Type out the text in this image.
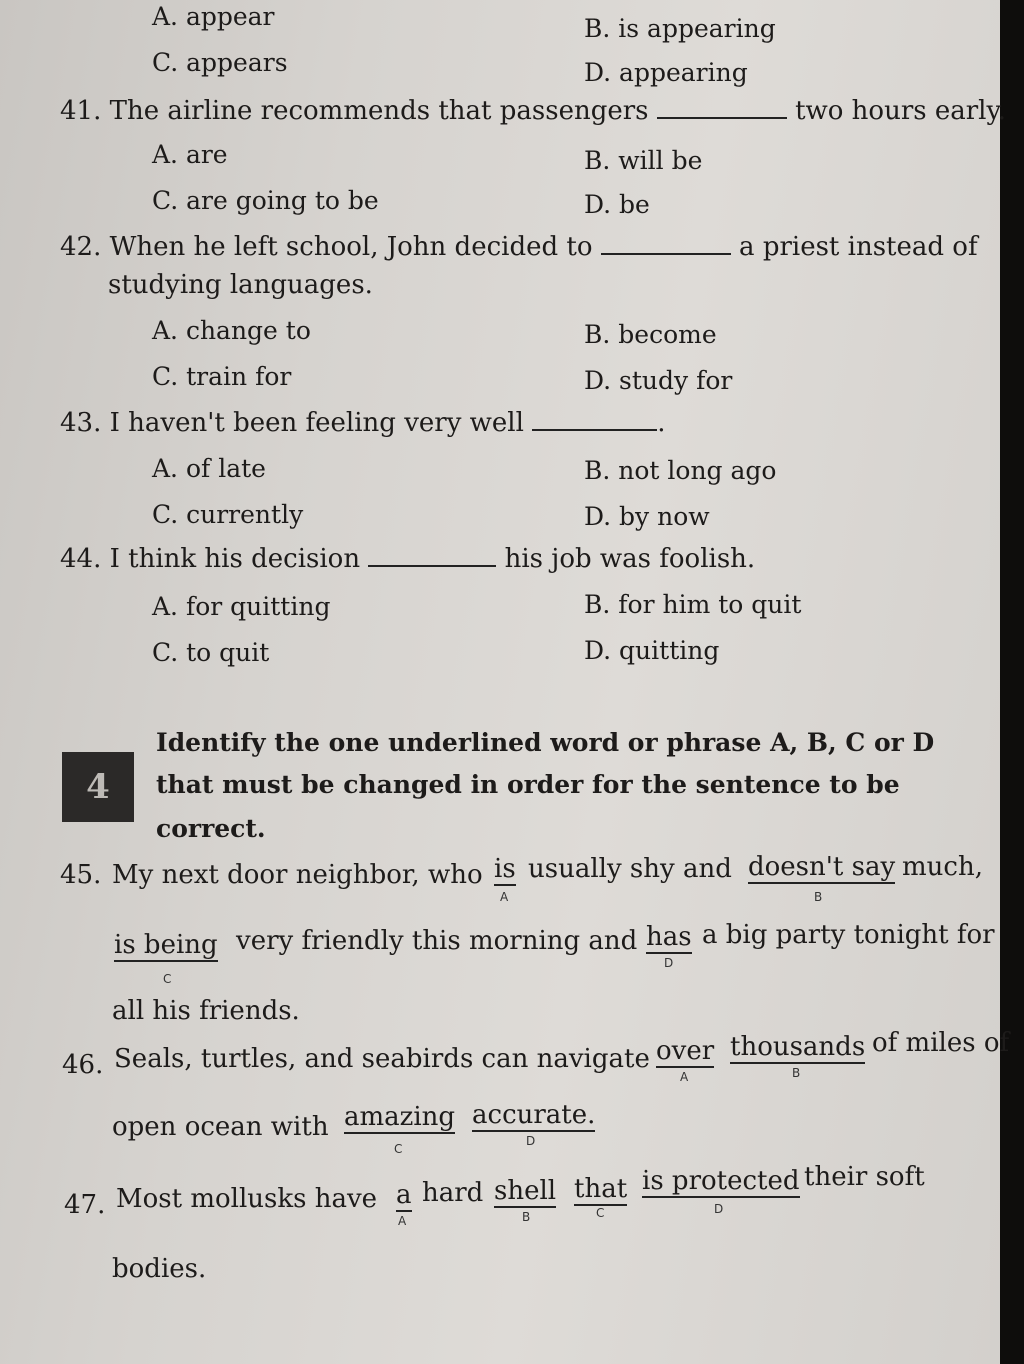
A. appear	B. is appearing
C. appears	D. appearing
41. The airline recommends that passengers	two hours early.
A. are	B. will be
C. are going to be	D. be
42. When he left school, John decided to	a priest instead of
studying languages.
A. change to	B. become
C. train for	D. study for
43. I haven't been feeling very well	.
A. of late	B. not long ago
C. currently	D. by now
44. I think his decision	his job was foolish.
A. for quitting	B. for him to quit
C. to quit	D. quitting
4
Identify the one underlined word or phrase A, B, C or D
that must be changed in order for the sentence to be
correct.
45. My next door neighbor, who is
A
usually shy and doesn't say
B
much,
is being
C
very friendly this morning and has
D
a big party tonight for
all his friends.
46. Seals, turtles, and seabirds can navigate over
A
thousands
B
of miles of
open ocean with amazing
C
accurate.
D
47. Most mollusks have a
A
hard shell
B
that
C
is protected
D
their soft
bodies.
